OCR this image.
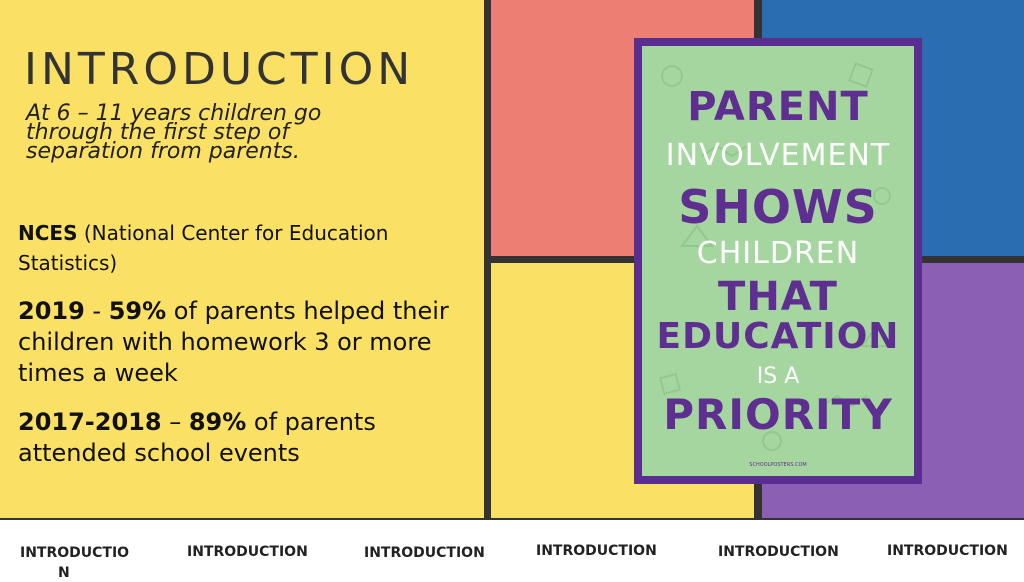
INTRODUCTION
At 6 – 11 years children go through the first step of separation from parents.
NCES (National Center for Education Statistics)
2019 - 59% of parents helped their children with homework 3 or more times a week
2017-2018 – 89% of parents attended school events
PARENT
INVOLVEMENT
SHOWS
CHILDREN
THAT
EDUCATION
IS A
PRIORITY
SCHOOLPOSTERS.COM
INTRODUCTIO
N
INTRODUCTION	INTRODUCTION	INTRODUCTION	INTRODUCTION	INTRODUCTION
